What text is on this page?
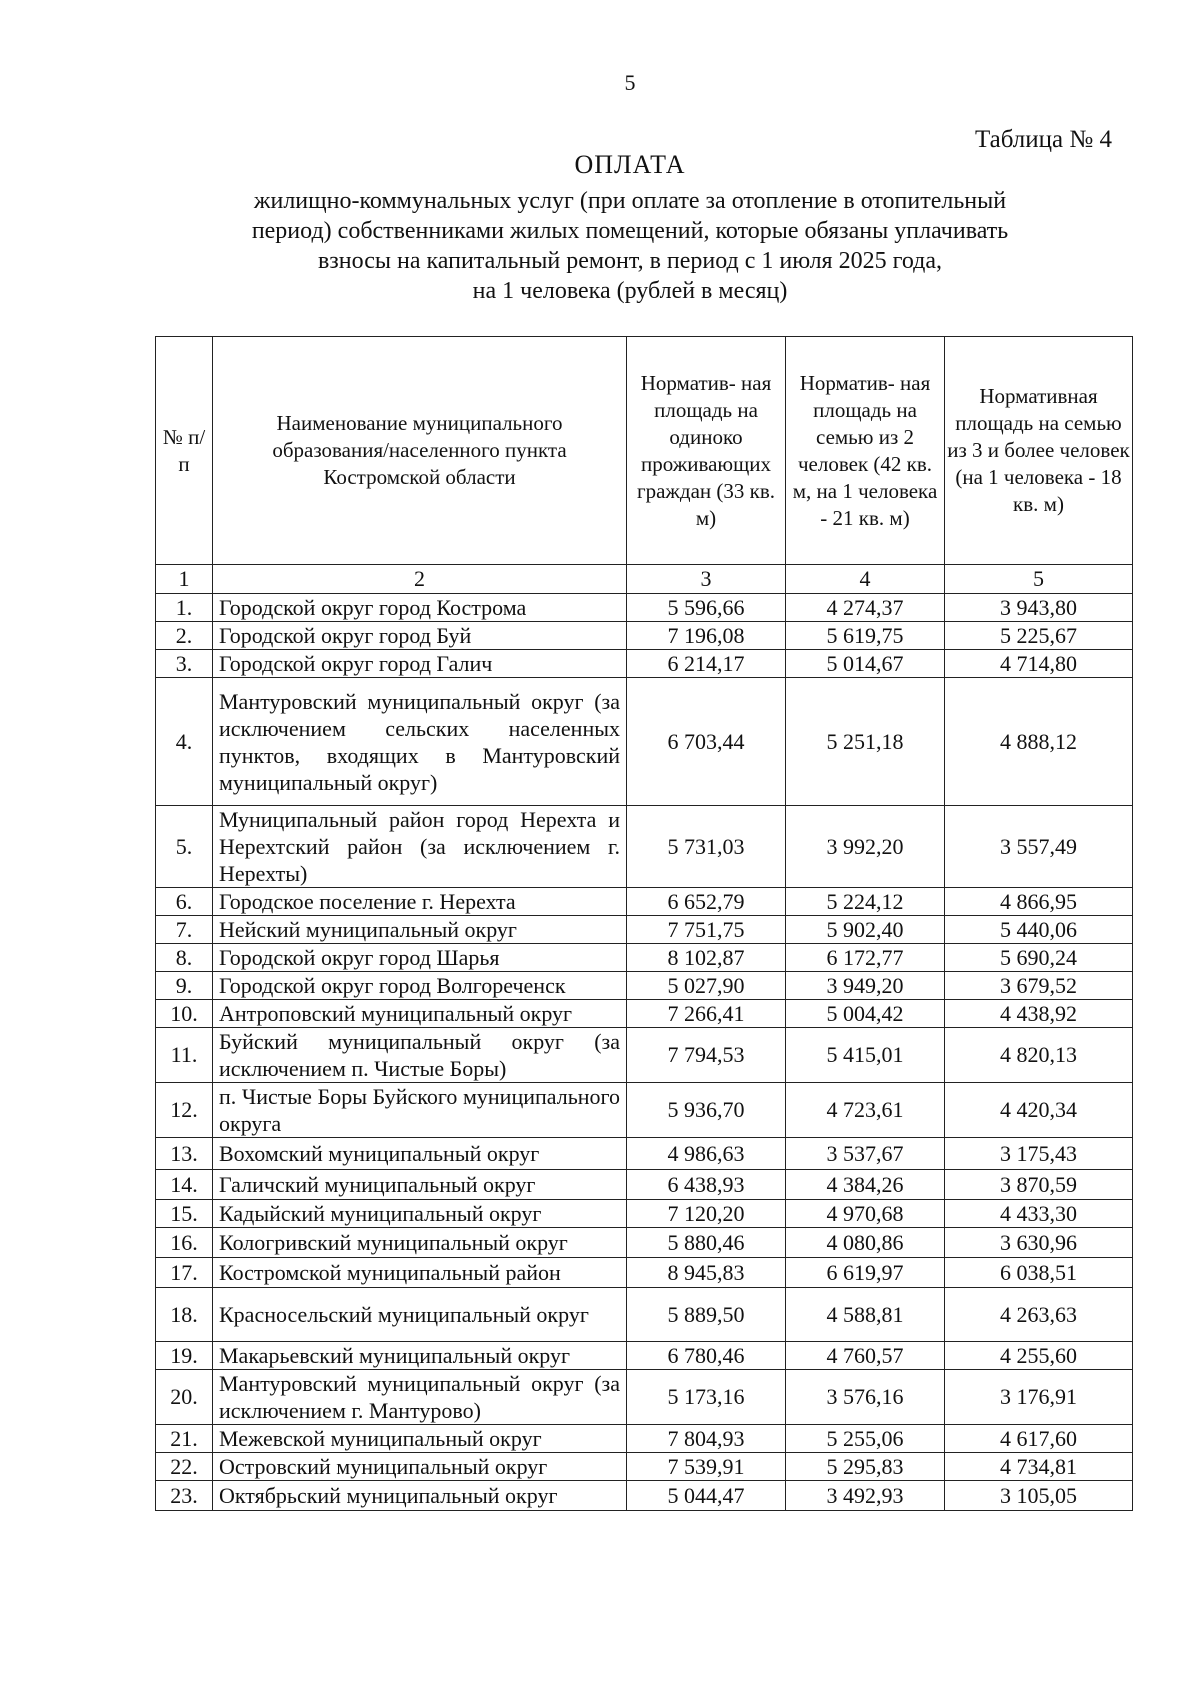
5
Таблица № 4
ОПЛАТА
жилищно-коммунальных услуг (при оплате за отопление в отопительный
период) собственниками жилых помещений, которые обязаны уплачивать
взносы на капитальный ремонт, в период с 1 июля 2025 года,
на 1 человека (рублей в месяц)
№ п/п	Наименование муниципального образования/населенного пункта Костромской области	Норматив- ная площадь на одиноко проживающих граждан (33 кв. м)	Норматив- ная площадь на семью из 2 человек (42 кв. м, на 1 человека - 21 кв. м)	Нормативная площадь на семью из 3 и более человек (на 1 человека - 18 кв. м)
1	2	3	4	5
1.	Городской округ город Кострома	5 596,66	4 274,37	3 943,80
2.	Городской округ город Буй	7 196,08	5 619,75	5 225,67
3.	Городской округ город Галич	6 214,17	5 014,67	4 714,80
4.	Мантуровский муниципальный округ (за исключением сельских населенных пунктов, входящих в Мантуровский муниципальный округ)	6 703,44	5 251,18	4 888,12
5.	Муниципальный район город Нерехта и Нерехтский район (за исключением г. Нерехты)	5 731,03	3 992,20	3 557,49
6.	Городское поселение г. Нерехта	6 652,79	5 224,12	4 866,95
7.	Нейский муниципальный округ	7 751,75	5 902,40	5 440,06
8.	Городской округ город Шарья	8 102,87	6 172,77	5 690,24
9.	Городской округ город Волгореченск	5 027,90	3 949,20	3 679,52
10.	Антроповский муниципальный округ	7 266,41	5 004,42	4 438,92
11.	Буйский муниципальный округ (за исключением п. Чистые Боры)	7 794,53	5 415,01	4 820,13
12.	п. Чистые Боры Буйского муниципального округа	5 936,70	4 723,61	4 420,34
13.	Вохомский муниципальный округ	4 986,63	3 537,67	3 175,43
14.	Галичский муниципальный округ	6 438,93	4 384,26	3 870,59
15.	Кадыйский муниципальный округ	7 120,20	4 970,68	4 433,30
16.	Кологривский муниципальный округ	5 880,46	4 080,86	3 630,96
17.	Костромской муниципальный район	8 945,83	6 619,97	6 038,51
18.	Красносельский муниципальный округ	5 889,50	4 588,81	4 263,63
19.	Макарьевский муниципальный округ	6 780,46	4 760,57	4 255,60
20.	Мантуровский муниципальный округ (за исключением г. Мантурово)	5 173,16	3 576,16	3 176,91
21.	Межевской муниципальный округ	7 804,93	5 255,06	4 617,60
22.	Островский муниципальный округ	7 539,91	5 295,83	4 734,81
23.	Октябрьский муниципальный округ	5 044,47	3 492,93	3 105,05
